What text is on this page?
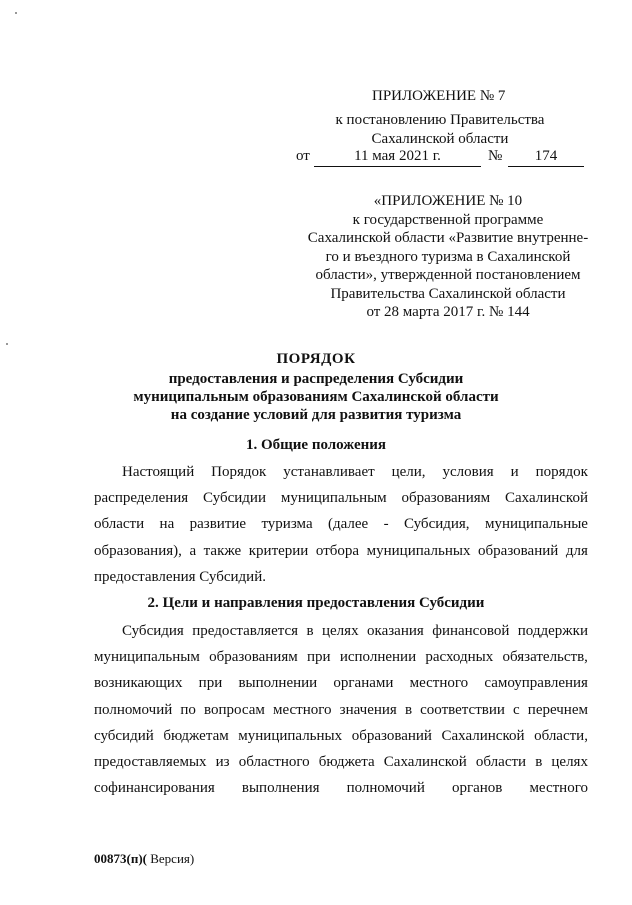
ПРИЛОЖЕНИЕ № 7
к постановлению Правительства
Сахалинской области
от	11 мая 2021 г.	№	174
«ПРИЛОЖЕНИЕ № 10
к государственной программе
Сахалинской области «Развитие внутренне-
го и въездного туризма в Сахалинской
области», утвержденной постановлением
Правительства Сахалинской области
от 28 марта 2017 г. № 144
ПОРЯДОК
предоставления и распределения Субсидии
муниципальным образованиям Сахалинской области
на создание условий для развития туризма
1. Общие положения
Настоящий Порядок устанавливает цели, условия и порядок
распределения Субсидии муниципальным образованиям Сахалинской
области на развитие туризма (далее - Субсидия, муниципальные
образования), а также критерии отбора муниципальных образований для
предоставления Субсидий.
2. Цели и направления предоставления Субсидии
Субсидия предоставляется в целях оказания финансовой поддержки
муниципальным образованиям при исполнении расходных обязательств,
возникающих при выполнении органами местного самоуправления
полномочий по вопросам местного значения в соответствии с перечнем
субсидий бюджетам муниципальных образований Сахалинской области,
предоставляемых из областного бюджета Сахалинской области в целях
софинансирования выполнения полномочий органов местного
00873(п)( Версия)
